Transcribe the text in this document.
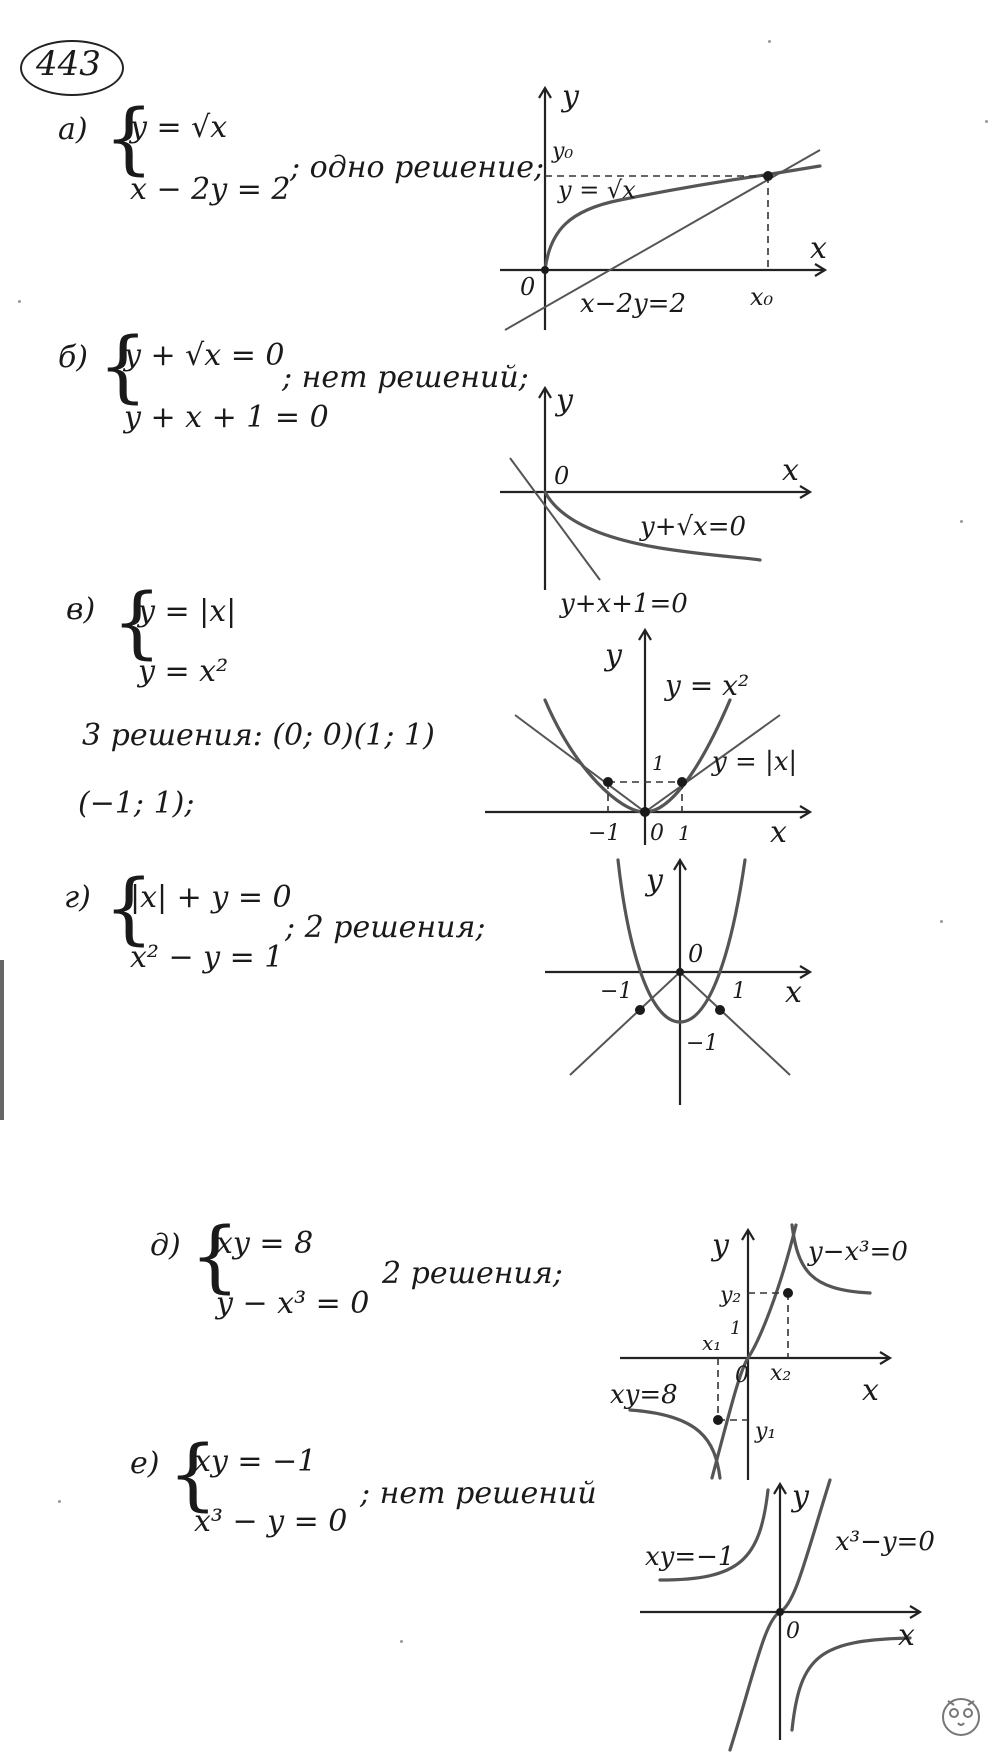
443
а) {
y = √x
x − 2y = 2
; одно решение;
y
x
0
y₀
x₀
y = √x
x−2y=2
б) {
y + √x = 0
y + x + 1 = 0
; нет решений;
y
x
0
y+√x=0
y+x+1=0
в) {
y = |x|
y = x²
3 решения: (0; 0)(1; 1)
(−1; 1);
y
x
0
−1	1
1
y = x²
y = |x|
г) {
|x| + y = 0
x² − y = 1
; 2 решения;
y
x
0
−1	1
−1
д) {
xy = 8
y − x³ = 0
2 решения;
y
x
0
y₂
y₁
x₁
x₂
1
y−x³=0
xy=8
е) {
xy = −1
x³ − y = 0
; нет решений	y
x
0
x³−y=0
xy=−1
